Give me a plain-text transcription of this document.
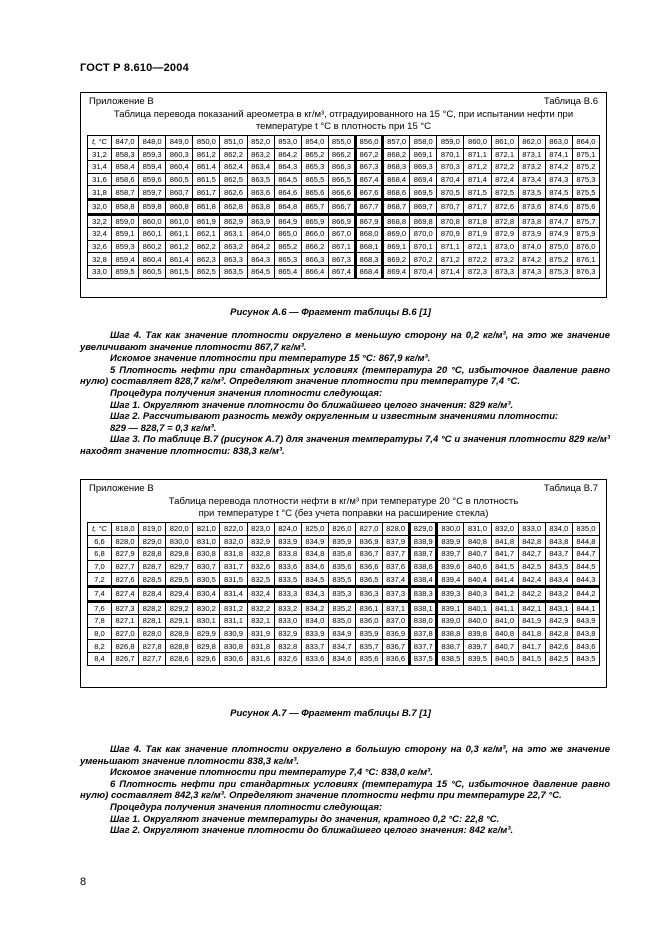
ГОСТ Р 8.610—2004
Приложение В	Таблица В.6
Таблица перевода показаний ареометра в кг/м³, отградуированного на 15 °С, при испытании нефти при
температуре t °С в плотность при 15 °С
t, °С	847,0	848,0	849,0	850,0	851,0	852,0	853,0	854,0	855,0	856,0	857,0	858,0	859,0	860,0	861,0	862,0	863,0	864,0
31,2	858,3	859,3	860,3	861,2	862,2	863,2	864,2	865,2	866,2	867,2	868,2	869,1	870,1	871,1	872,1	873,1	874,1	875,1
31,4	858,4	859,4	860,4	861,4	862,4	863,4	864,3	865,3	866,3	867,3	868,3	869,3	870,3	871,2	872,2	873,2	874,2	875,2
31,6	858,6	859,6	860,5	861,5	862,5	863,5	864,5	865,5	866,5	867,4	868,4	869,4	870,4	871,4	872,4	873,4	874,3	875,3
31,8	858,7	859,7	860,7	861,7	862,6	863,6	864,6	865,6	866,6	867,6	868,6	869,5	870,5	871,5	872,5	873,5	874,5	875,5
32,0	858,8	859,8	860,8	861,8	862,8	863,8	864,8	865,7	866,7	867,7	868,7	869,7	870,7	871,7	872,6	873,6	874,6	875,6
32,2	859,0	860,0	861,0	861,9	862,9	863,9	864,9	865,9	866,9	867,9	868,8	869,8	870,8	871,8	872,8	873,8	874,7	875,7
32,4	859,1	860,1	861,1	862,1	863,1	864,0	865,0	866,0	867,0	868,0	869,0	870,0	870,9	871,9	872,9	873,9	874,9	875,9
32,6	859,3	860,2	861,2	862,2	863,2	864,2	865,2	866,2	867,1	868,1	869,1	870,1	871,1	872,1	873,0	874,0	875,0	876,0
32,8	859,4	860,4	861,4	862,3	863,3	864,3	865,3	866,3	867,3	868,3	869,2	870,2	871,2	872,2	873,2	874,2	875,2	876,1
33,0	859,5	860,5	861,5	862,5	863,5	864,5	865,4	866,4	867,4	868,4	869,4	870,4	871,4	872,3	873,3	874,3	875,3	876,3
Рисунок А.6 — Фрагмент таблицы В.6 [1]

Шаг 4. Так как значение плотности округлено в меньшую сторону на 0,2 кг/м³, на это же значение увеличивают значение плотности 867,7 кг/м³.

Искомое значение плотности при температуре 15 °С: 867,9 кг/м³.

5 Плотность нефти при стандартных условиях (температура 20 °С, избыточное давление равно нулю) составляет 828,7 кг/м³. Определяют значение плотности при температуре 7,4 °С.

Процедура получения значения плотности следующая:

Шаг 1. Округляют значение плотности до ближайшего целого значения: 829 кг/м³.

Шаг 2. Рассчитывают разность между округленным и известным значениями плотности:

829 — 828,7 = 0,3 кг/м³.

Шаг 3. По таблице В.7 (рисунок А.7) для значения температуры 7,4 °С и значения плотности 829 кг/м³ находят значение плотности: 838,3 кг/м³.

Приложение В	Таблица В.7
Таблица перевода плотности нефти в кг/м³ при температуре 20 °С в плотность
при температуре t °С (без учета поправки на расширение стекла)
t, °С	818,0	819,0	820,0	821,0	822,0	823,0	824,0	825,0	826,0	827,0	828,0	829,0	830,0	831,0	832,0	833,0	834,0	835,0
6,6	828,0	829,0	830,0	831,0	832,0	832,9	833,9	834,9	835,9	836,9	837,9	838,9	839,9	840,8	841,8	842,8	843,8	844,8
6,8	827,9	828,8	829,8	830,8	831,8	832,8	833,8	834,8	835,8	836,7	837,7	838,7	839,7	840,7	841,7	842,7	843,7	844,7
7,0	827,7	828,7	829,7	830,7	831,7	832,6	833,6	834,6	835,6	836,6	837,6	838,6	839,6	840,6	841,5	842,5	843,5	844,5
7,2	827,6	828,5	829,5	830,5	831,5	832,5	833,5	834,5	835,5	836,5	837,4	838,4	839,4	840,4	841,4	842,4	843,4	844,3
7,4	827,4	828,4	829,4	830,4	831,4	832,4	833,3	834,3	835,3	836,3	837,3	838,3	839,3	840,3	841,2	842,2	843,2	844,2
7,6	827,3	828,2	829,2	830,2	831,2	832,2	833,2	834,2	835,2	836,1	837,1	838,1	839,1	840,1	841,1	842,1	843,1	844,1
7,8	827,1	828,1	829,1	830,1	831,1	832,1	833,0	834,0	835,0	836,0	837,0	838,0	839,0	840,0	841,0	841,9	842,9	843,9
8,0	827,0	828,0	828,9	829,9	830,9	831,9	832,9	833,9	834,9	835,9	836,9	837,8	838,8	839,8	840,8	841,8	842,8	843,8
8,2	826,8	827,8	828,8	829,8	830,8	831,8	832,8	833,7	834,7	835,7	836,7	837,7	838,7	839,7	840,7	841,7	842,6	843,6
8,4	826,7	827,7	828,6	829,6	830,6	831,6	832,6	833,6	834,6	835,6	836,6	837,5	838,5	839,5	840,5	841,5	842,5	843,5
Рисунок А.7 — Фрагмент таблицы В.7 [1]

Шаг 4. Так как значение плотности округлено в большую сторону на 0,3 кг/м³, на это же значение уменьшают значение плотности 838,3 кг/м³.

Искомое значение плотности при температуре 7,4 °С: 838,0 кг/м³.

6 Плотность нефти при стандартных условиях (температура 15 °С, избыточное давление равно нулю) составляет 842,3 кг/м³. Определяют значение плотности нефти при температуре 22,7 °С.

Процедура получения значения плотности следующая:

Шаг 1. Округляют значение температуры до значения, кратного 0,2 °С: 22,8 °С.

Шаг 2. Округляют значение плотности до ближайшего целого значения: 842 кг/м³.

8
